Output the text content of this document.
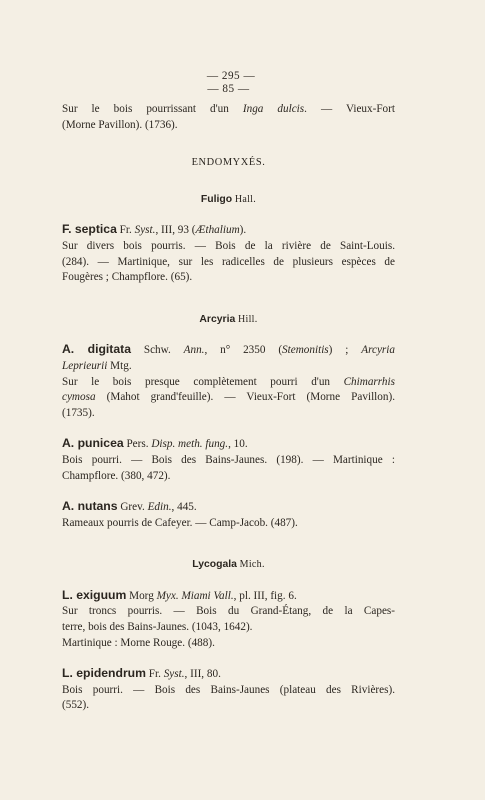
— 295 —
— 85 —

Sur le bois pourrissant d'un Inga dulcis. — Vieux-Fort

(Morne Pavillon). (1736).

ENDOMYXÉS.
Fuligo Hall.

F. septica Fr. Syst., III, 93 (Æthalium).

Sur divers bois pourris. — Bois de la rivière de Saint-Louis.

(284). — Martinique, sur les radicelles de plusieurs espèces de

Fougères ; Champflore. (65).

Arcyria Hill.

A. digitata Schw. Ann., n° 2350 (Stemonitis) ; Arcyria

Leprieurii Mtg.

Sur le bois presque complètement pourri d'un Chimarrhis

cymosa (Mahot grand'feuille). — Vieux-Fort (Morne Pavillon).

(1735).

A. punicea Pers. Disp. meth. fung., 10.

Bois pourri. — Bois des Bains-Jaunes. (198). — Martinique :

Champflore. (380, 472).

A. nutans Grev. Edin., 445.

Rameaux pourris de Cafeyer. — Camp-Jacob. (487).

Lycogala Mich.

L. exiguum Morg Myx. Miami Vall., pl. III, fig. 6.

Sur troncs pourris. — Bois du Grand-Étang, de la Capes-

terre, bois des Bains-Jaunes. (1043, 1642).

Martinique : Morne Rouge. (488).

L. epidendrum Fr. Syst., III, 80.

Bois pourri. — Bois des Bains-Jaunes (plateau des Rivières).

(552).
